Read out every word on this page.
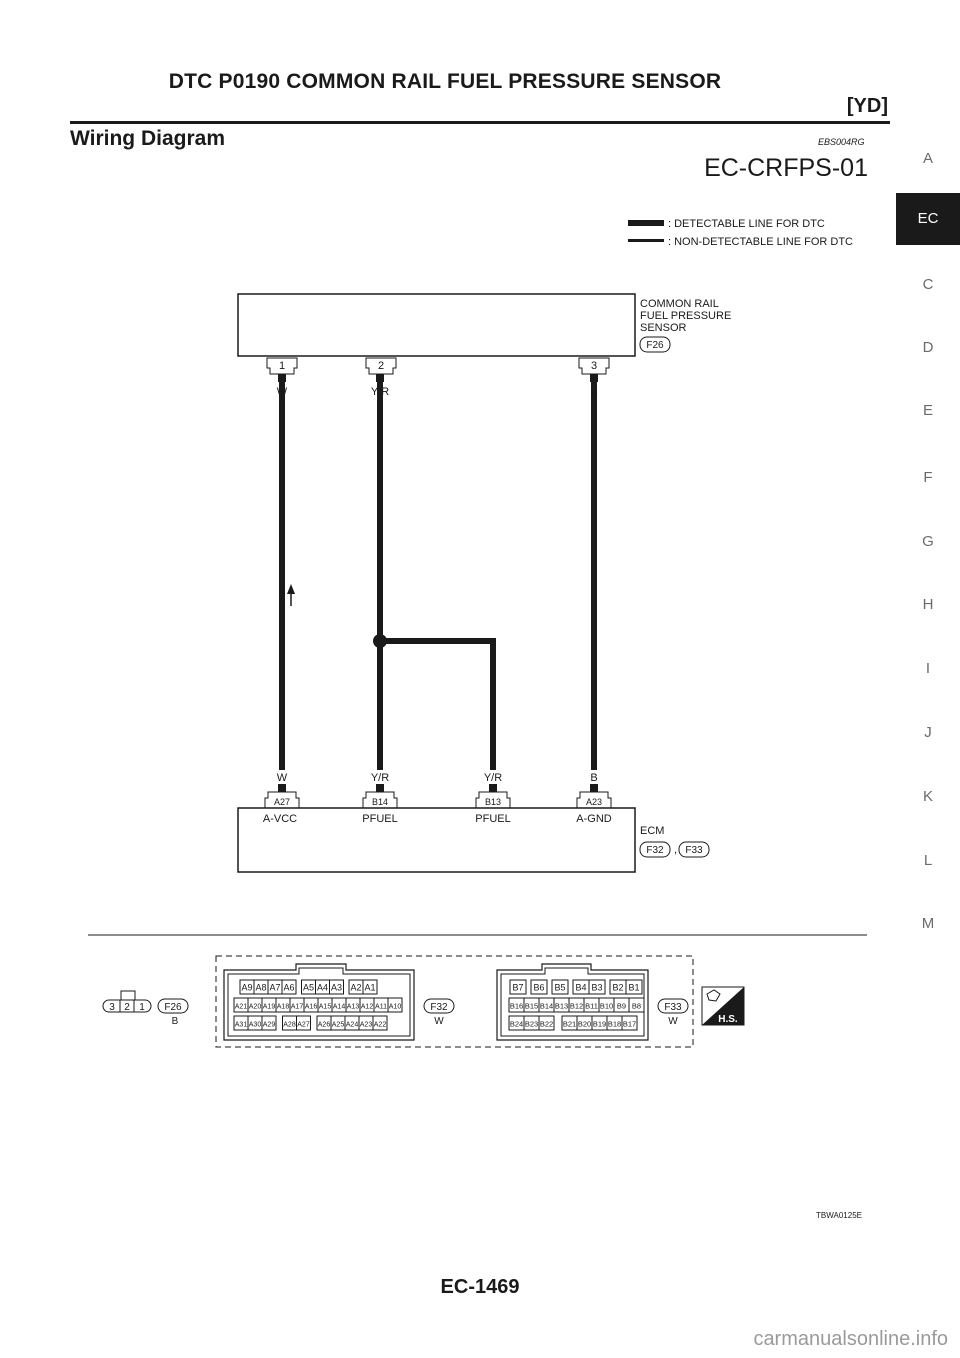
DTC P0190 COMMON RAIL FUEL PRESSURE SENSOR
[YD]
Wiring Diagram	EBS004RG
A
EC
C
D
E
F
G
H
I
J
K
L
M
EC-CRFPS-01
: DETECTABLE LINE FOR DTC
: NON-DETECTABLE LINE FOR DTC
COMMON RAIL
FUEL PRESSURE
SENSOR
F26
1	2	3
W	Y/R	B
W	Y/R	Y/R	B
A27	B14	B13	A23
A-VCC	PFUEL	PFUEL	A-GND
ECM
F32 , F33
3 2 1 F26
B
A9 A8 A7 A6 A5 A4 A3 A2 A1
A21 A20 A19 A18 A17 A16 A15 A14 A13 A12 A11 A10
A31 A30 A29 A28 A27 A26 A25 A24 A23 A22
F32
W
B7 B6 B5 B4 B3 B2 B1
B16 B15 B14 B13 B12 B11 B10 B9 B8
B24 B23 B22 B21 B20 B19 B18 B17
F33
W	H.S.
TBWA0125E
EC-1469
carmanualsonline.info
